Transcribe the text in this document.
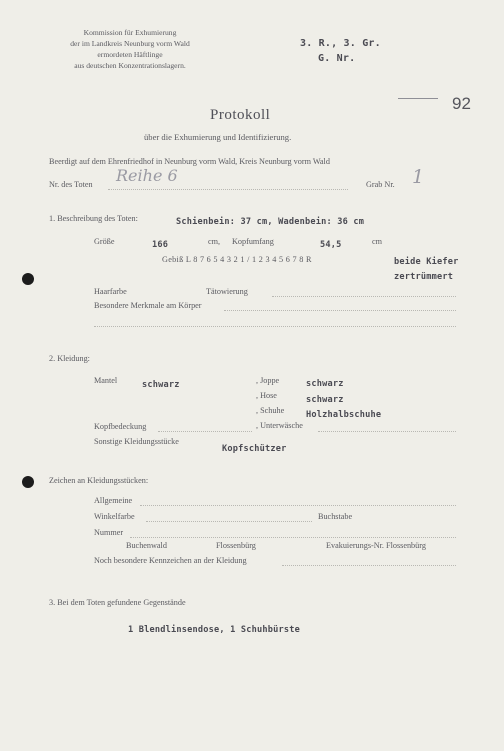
Kommission für Exhumierung
der im Landkreis Neunburg vorm Wald
ermordeten Häftlinge
aus deutschen Konzentrationslagern.
3. R., 3. Gr.
G. Nr.
92
Protokoll
über die Exhumierung und Identifizierung.
Beerdigt auf dem Ehrenfriedhof in Neunburg vorm Wald, Kreis Neunburg vorm Wald
Nr. des Toten Reihe 6	Grab Nr. 1
1. Beschreibung des Toten:	Schienbein: 37 cm, Wadenbein: 36 cm
Größe	166	cm, Kopfumfang	54,5	cm
Gebiß L 8 7 6 5 4 3 2 1 / 1 2 3 4 5 6 7 8 R	beide Kiefer
zertrümmert
Haarfarbe	Tätowierung
Besondere Merkmale am Körper
2. Kleidung:
Mantel	schwarz	, Joppe	schwarz
, Hose	schwarz
, Schuhe	Holzhalbschuhe
Kopfbedeckung	, Unterwäsche
Sonstige Kleidungsstücke
Kopfschützer
Zeichen an Kleidungsstücken:
Allgemeine
Winkelfarbe	Buchstabe
Nummer
Buchenwald	Flossenbürg	Evakuierungs-Nr. Flossenbürg
Noch besondere Kennzeichen an der Kleidung
3. Bei dem Toten gefundene Gegenstände
1 Blendlinsendose, 1 Schuhbürste
